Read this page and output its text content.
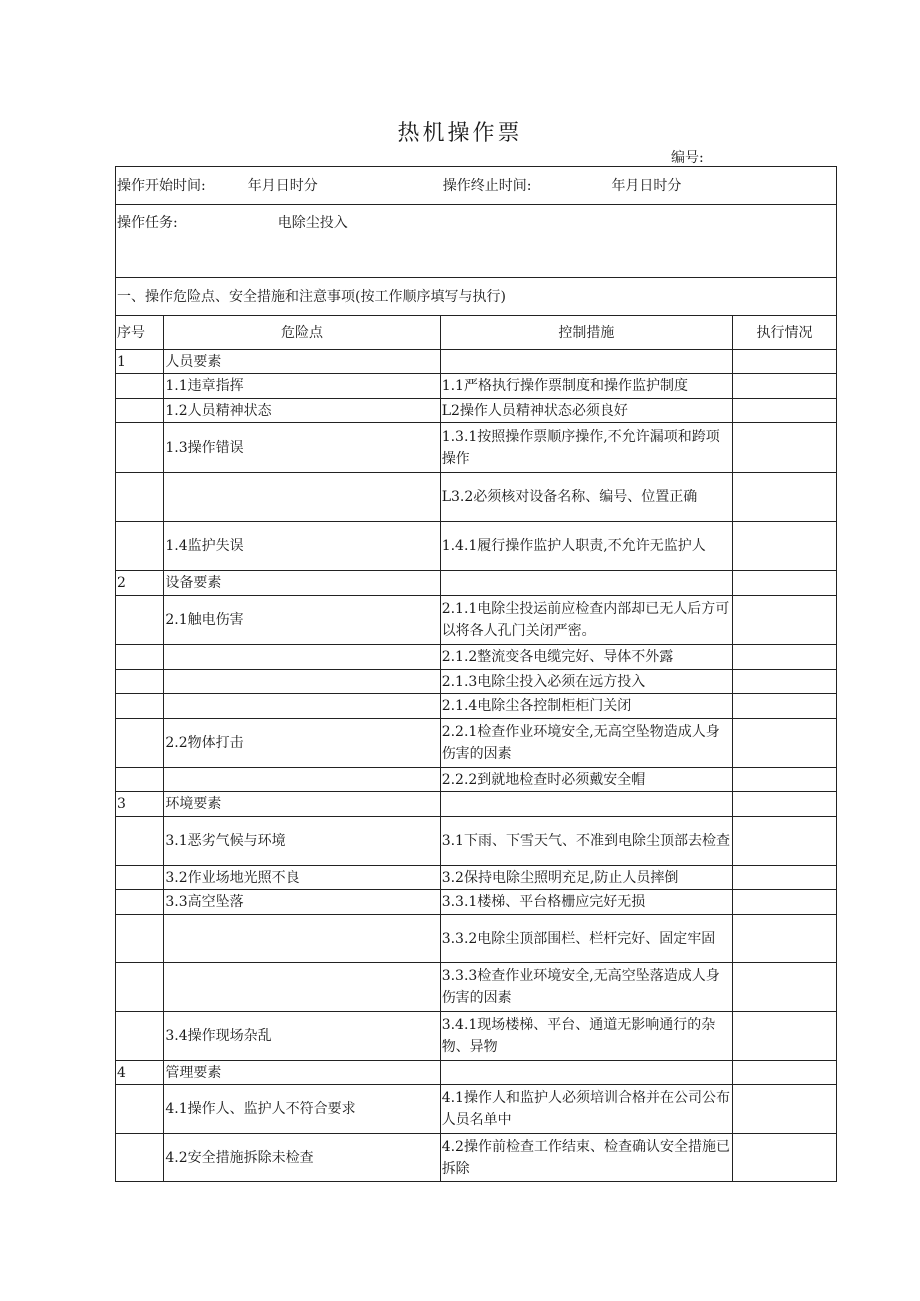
热机操作票
编号:
操作开始时间: 年月日时分 操作终止时间: 年月日时分			
操作任务: 电除尘投入			
一、操作危险点、安全措施和注意事项(按工作顺序填写与执行)			
序号	危险点	控制措施	执行情况
1	人员要素		
	1.1违章指挥	1.1严格执行操作票制度和操作监护制度	
	1.2人员精神状态	L2操作人员精神状态必须良好	
	1.3操作错误	1.3.1按照操作票顺序操作,不允许漏项和跨项操作	
		L3.2必须核对设备名称、编号、位置正确	
	1.4监护失误	1.4.1履行操作监护人职责,不允许无监护人	
2	设备要素		
	2.1触电伤害	2.1.1电除尘投运前应检查内部却已无人后方可以将各人孔门关闭严密。	
		2.1.2整流变各电缆完好、导体不外露	
		2.1.3电除尘投入必须在远方投入	
		2.1.4电除尘各控制柜柜门关闭	
	2.2物体打击	2.2.1检查作业环境安全,无高空坠物造成人身伤害的因素	
		2.2.2到就地检查时必须戴安全帽	
3	环境要素		
	3.1恶劣气候与环境	3.1下雨、下雪天气、不准到电除尘顶部去检查	
	3.2作业场地光照不良	3.2保持电除尘照明充足,防止人员摔倒	
	3.3高空坠落	3.3.1楼梯、平台格栅应完好无损	
		3.3.2电除尘顶部围栏、栏杆完好、固定牢固	
		3.3.3检查作业环境安全,无高空坠落造成人身伤害的因素	
	3.4操作现场杂乱	3.4.1现场楼梯、平台、通道无影响通行的杂物、异物	
4	管理要素		
	4.1操作人、监护人不符合要求	4.1操作人和监护人必须培训合格并在公司公布人员名单中	
	4.2安全措施拆除未检查	4.2操作前检查工作结束、检查确认安全措施已拆除	
